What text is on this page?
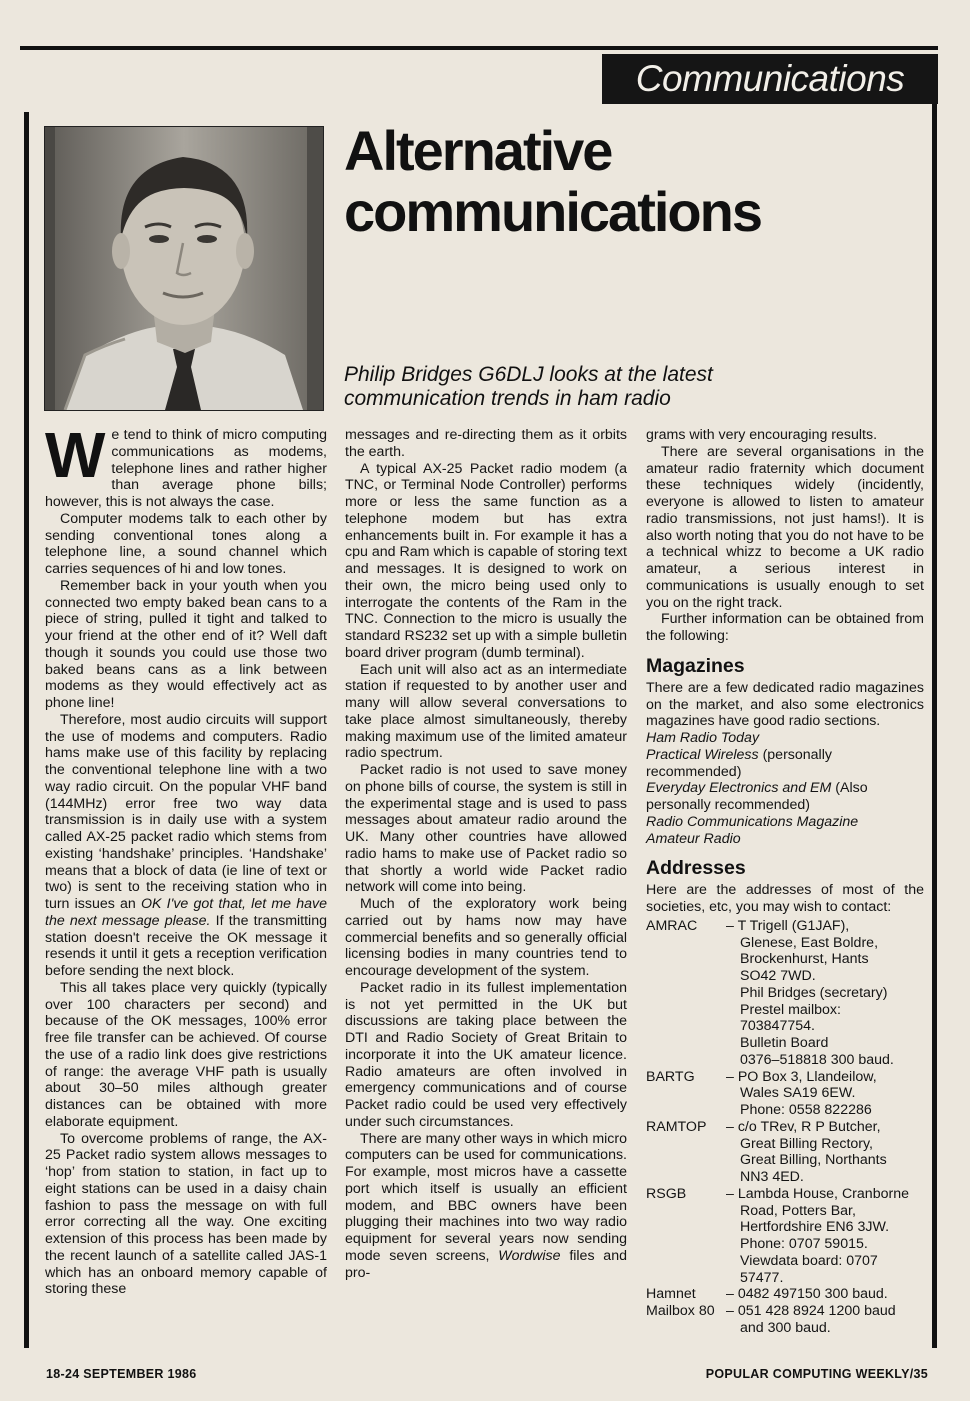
Communications
Alternative
communications
Philip Bridges G6DLJ looks at the latest
communication trends in ham radio

We tend to think of micro computing communications as modems, telephone lines and rather higher than average phone bills; however, this is not always the case.

Computer modems talk to each other by sending conventional tones along a telephone line, a sound channel which carries sequences of hi and low tones.

Remember back in your youth when you connected two empty baked bean cans to a piece of string, pulled it tight and talked to your friend at the other end of it? Well daft though it sounds you could use those two baked beans cans as a link between modems as they would effectively act as phone line!

Therefore, most audio circuits will support the use of modems and computers. Radio hams make use of this facility by replacing the conventional telephone line with a two way radio circuit. On the popular VHF band (144MHz) error free two way data transmission is in daily use with a system called AX-25 packet radio which stems from existing ‘handshake’ principles. ‘Handshake’ means that a block of data (ie line of text or two) is sent to the receiving station who in turn issues an OK I've got that, let me have the next message please. If the transmitting station doesn't receive the OK message it resends it until it gets a reception verification before sending the next block.

This all takes place very quickly (typically over 100 characters per second) and because of the OK messages, 100% error free file transfer can be achieved. Of course the use of a radio link does give restrictions of range: the average VHF path is usually about 30–50 miles although greater distances can be obtained with more elaborate equipment.

To overcome problems of range, the AX-25 Packet radio system allows messages to ‘hop’ from station to station, in fact up to eight stations can be used in a daisy chain fashion to pass the message on with full error correcting all the way. One exciting extension of this process has been made by the recent launch of a satellite called JAS-1 which has an onboard memory capable of storing these

messages and re-directing them as it orbits the earth.

A typical AX-25 Packet radio modem (a TNC, or Terminal Node Controller) performs more or less the same function as a telephone modem but has extra enhancements built in. For example it has a cpu and Ram which is capable of storing text and messages. It is designed to work on their own, the micro being used only to interrogate the contents of the Ram in the TNC. Connection to the micro is usually the standard RS232 set up with a simple bulletin board driver program (dumb terminal).

Each unit will also act as an intermediate station if requested to by another user and many will allow several conversations to take place almost simultaneously, thereby making maximum use of the limited amateur radio spectrum.

Packet radio is not used to save money on phone bills of course, the system is still in the experimental stage and is used to pass messages about amateur radio around the UK. Many other countries have allowed radio hams to make use of Packet radio so that shortly a world wide Packet radio network will come into being.

Much of the exploratory work being carried out by hams now may have commercial benefits and so generally official licensing bodies in many countries tend to encourage development of the system.

Packet radio in its fullest implementation is not yet permitted in the UK but discussions are taking place between the DTI and Radio Society of Great Britain to incorporate it into the UK amateur licence. Radio amateurs are often involved in emergency communications and of course Packet radio could be used very effectively under such circumstances.

There are many other ways in which micro computers can be used for communications. For example, most micros have a cassette port which itself is usually an efficient modem, and BBC owners have been plugging their machines into two way radio equipment for several years now sending mode seven screens, Wordwise files and pro-

grams with very encouraging results.

There are several organisations in the amateur radio fraternity which document these techniques widely (incidently, everyone is allowed to listen to amateur radio transmissions, not just hams!). It is also worth noting that you do not have to be a technical whizz to become a UK radio amateur, a serious interest in communications is usually enough to set you on the right track.

Further information can be obtained from the following:

Magazines

There are a few dedicated radio magazines on the market, and also some electronics magazines have good radio sections.

Ham Radio Today

Practical Wireless (personally recommended)

Everyday Electronics and EM (Also personally recommended)

Radio Communications Magazine

Amateur Radio

Addresses

Here are the addresses of most of the societies, etc, you may wish to contact:

AMRAC	– T Trigell (G1JAF),
Glenese, East Boldre,
Brockenhurst, Hants
SO42 7WD.
Phil Bridges (secretary)
Prestel mailbox:
703847754.
Bulletin Board
0376–518818 300 baud.
BARTG	– PO Box 3, Llandeilow,
Wales SA19 6EW.
Phone: 0558 822286
RAMTOP	– c/o TRev, R P Butcher,
Great Billing Rectory,
Great Billing, Northants
NN3 4ED.
RSGB	– Lambda House, Cranborne
Road, Potters Bar,
Hertfordshire EN6 3JW.
Phone: 0707 59015.
Viewdata board: 0707
57477.
Hamnet	– 0482 497150 300 baud.
Mailbox 80 – 051 428 8924 1200 baud
and 300 baud.
18-24 SEPTEMBER 1986	POPULAR COMPUTING WEEKLY/35
